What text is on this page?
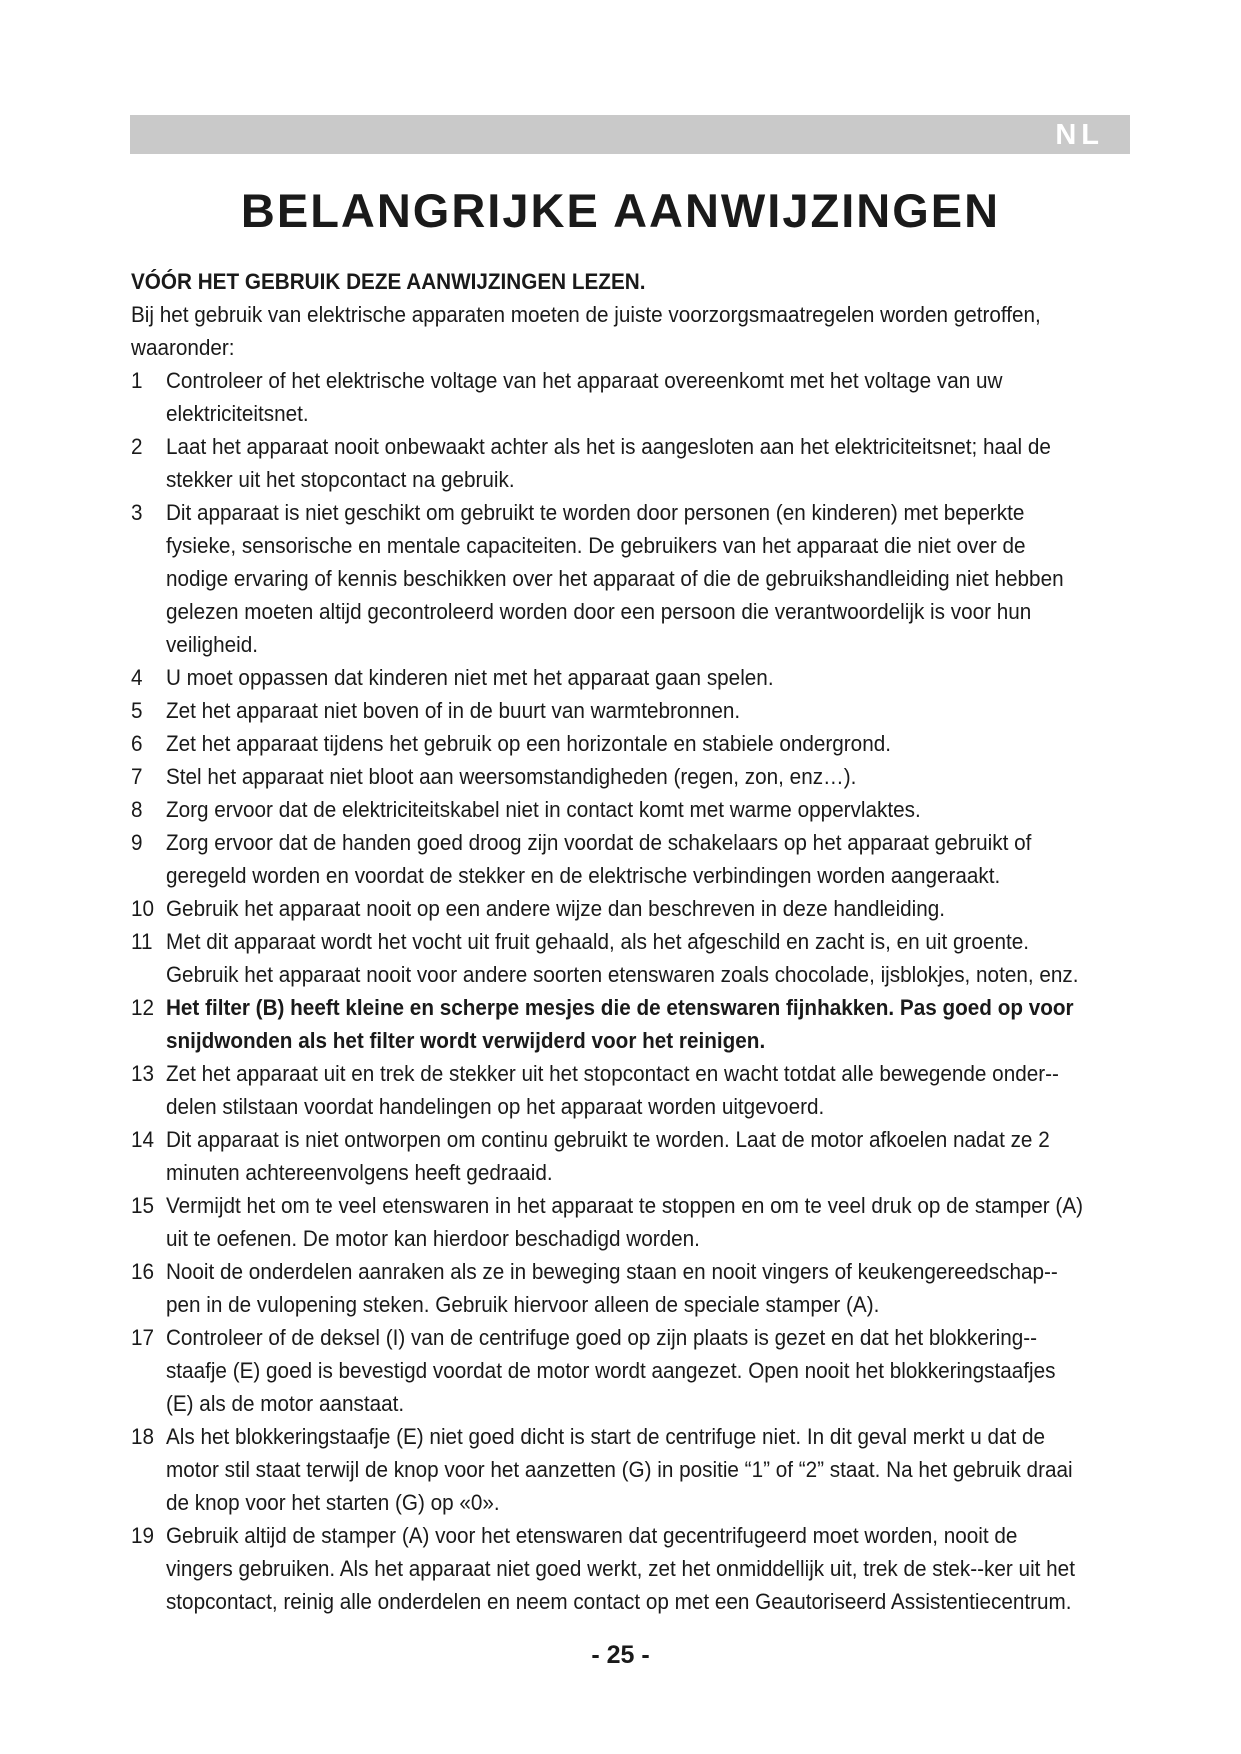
NL
BELANGRIJKE AANWIJZINGEN
VÓÓR HET GEBRUIK DEZE AANWIJZINGEN LEZEN.
Bij het gebruik van elektrische apparaten moeten de juiste voorzorgsmaatregelen worden getroffen, waaronder:
1 Controleer of het elektrische voltage van het apparaat overeenkomt met het voltage van uw elektriciteitsnet.
2 Laat het apparaat nooit onbewaakt achter als het is aangesloten aan het elektriciteitsnet; haal de stekker uit het stopcontact na gebruik.
3 Dit apparaat is niet geschikt om gebruikt te worden door personen (en kinderen) met beperkte fysieke, sensorische en mentale capaciteiten. De gebruikers van het apparaat die niet over de nodige ervaring of kennis beschikken over het apparaat of die de gebruikshandleiding niet hebben gelezen moeten altijd gecontroleerd worden door een persoon die verantwoordelijk is voor hun veiligheid.
4 U moet oppassen dat kinderen niet met het apparaat gaan spelen.
5 Zet het apparaat niet boven of in de buurt van warmtebronnen.
6 Zet het apparaat tijdens het gebruik op een horizontale en stabiele ondergrond.
7 Stel het apparaat niet bloot aan weersomstandigheden (regen, zon, enz…).
8 Zorg ervoor dat de elektriciteitskabel niet in contact komt met warme oppervlaktes.
9 Zorg ervoor dat de handen goed droog zijn voordat de schakelaars op het apparaat gebruikt of geregeld worden en voordat de stekker en de elektrische verbindingen worden aangeraakt.
10 Gebruik het apparaat nooit op een andere wijze dan beschreven in deze handleiding.
11 Met dit apparaat wordt het vocht uit fruit gehaald, als het afgeschild en zacht is, en uit groente. Gebruik het apparaat nooit voor andere soorten etenswaren zoals chocolade, ijsblokjes, noten, enz.
12 Het filter (B) heeft kleine en scherpe mesjes die de etenswaren fijnhakken. Pas goed op voor snijdwonden als het filter wordt verwijderd voor het reinigen.
13 Zet het apparaat uit en trek de stekker uit het stopcontact en wacht totdat alle bewegende onder--delen stilstaan voordat handelingen op het apparaat worden uitgevoerd.
14 Dit apparaat is niet ontworpen om continu gebruikt te worden. Laat de motor afkoelen nadat ze 2 minuten achtereenvolgens heeft gedraaid.
15 Vermijdt het om te veel etenswaren in het apparaat te stoppen en om te veel druk op de stamper (A) uit te oefenen. De motor kan hierdoor beschadigd worden.
16 Nooit de onderdelen aanraken als ze in beweging staan en nooit vingers of keukengereedschap--pen in de vulopening steken. Gebruik hiervoor alleen de speciale stamper (A).
17 Controleer of de deksel (I) van de centrifuge goed op zijn plaats is gezet en dat het blokkering--staafje (E) goed is bevestigd voordat de motor wordt aangezet. Open nooit het blokkeringstaafjes (E) als de motor aanstaat.
18 Als het blokkeringstaafje (E) niet goed dicht is start de centrifuge niet. In dit geval merkt u dat de motor stil staat terwijl de knop voor het aanzetten (G) in positie “1” of “2” staat. Na het gebruik draai de knop voor het starten (G) op «0».
19 Gebruik altijd de stamper (A) voor het etenswaren dat gecentrifugeerd moet worden, nooit de vingers gebruiken. Als het apparaat niet goed werkt, zet het onmiddellijk uit, trek de stek--ker uit het stopcontact, reinig alle onderdelen en neem contact op met een Geautoriseerd Assistentiecentrum.
- 25 -
